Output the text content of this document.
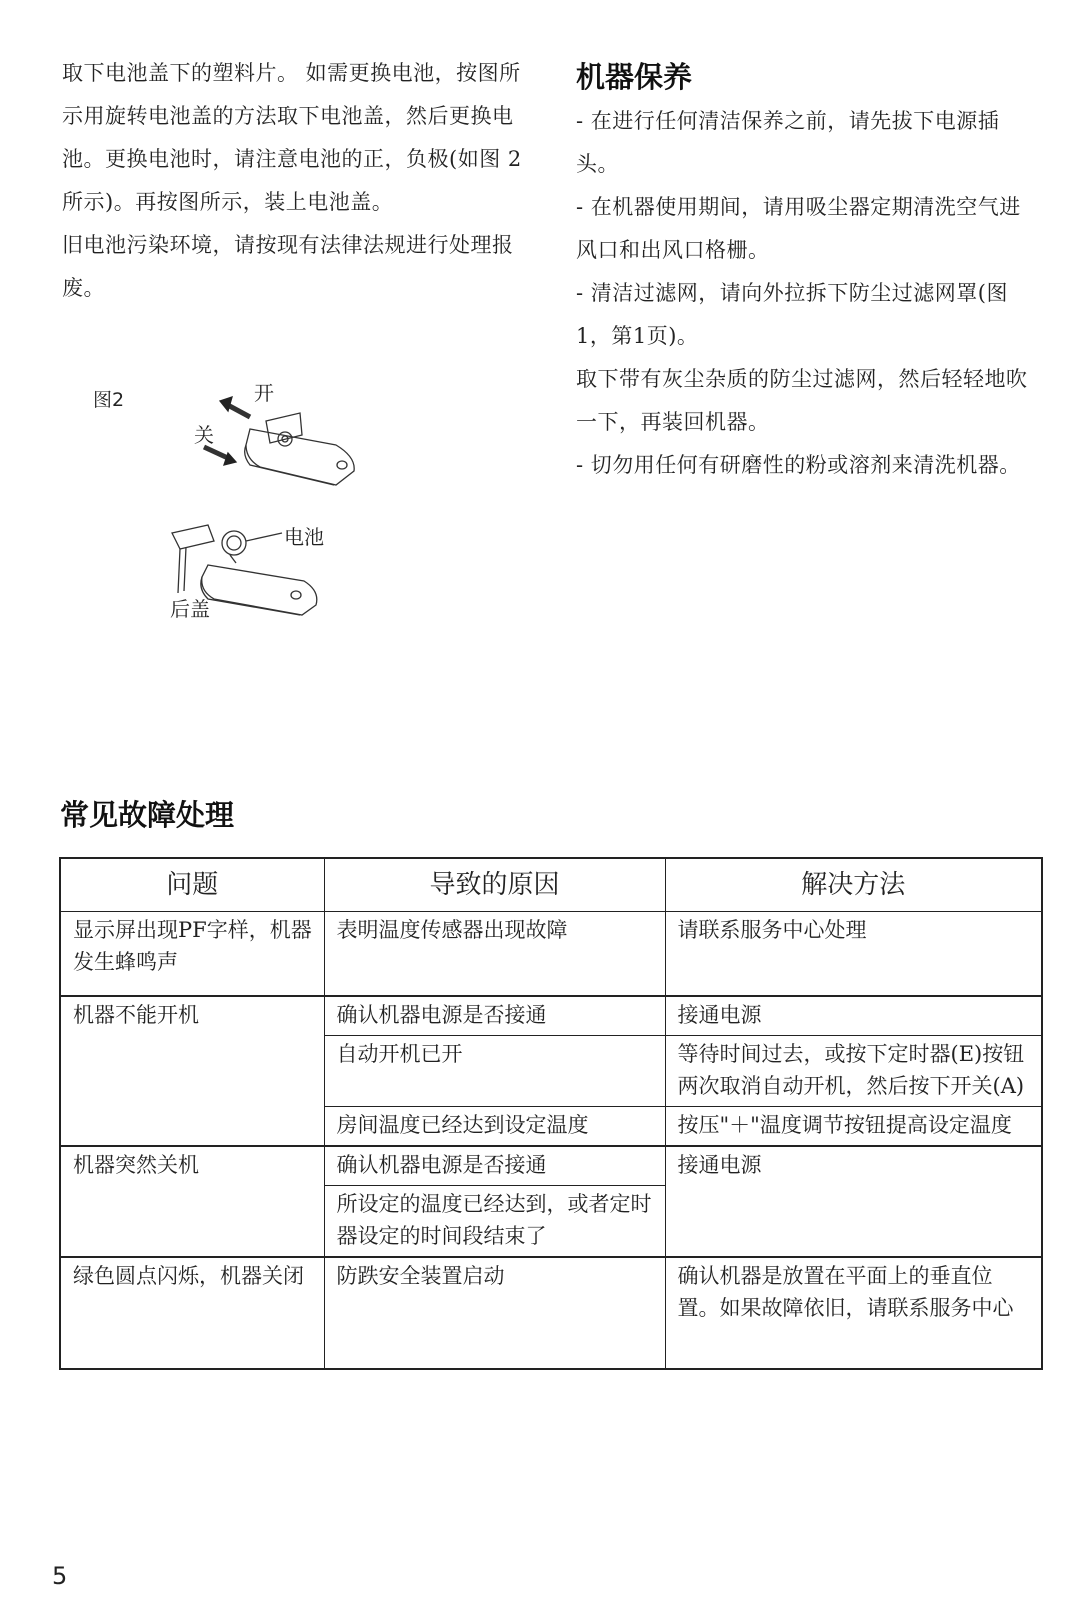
取下电池盖下的塑料片。 如需更换电池，按图所示用旋转电池盖的方法取下电池盖，然后更换电池。更换电池时，请注意电池的正，负极(如图 2 所示)。再按图所示，装上电池盖。

旧电池污染环境，请按现有法律法规进行处理报废。

图2	开
关
电池
后盖
机器保养

- 在进行任何清洁保养之前，请先拔下电源插头。

- 在机器使用期间，请用吸尘器定期清洗空气进风口和出风口格栅。

- 清洁过滤网，请向外拉拆下防尘过滤网罩(图1，第1页)。

取下带有灰尘杂质的防尘过滤网，然后轻轻地吹一下，再装回机器。

- 切勿用任何有研磨性的粉或溶剂来清洗机器。

常见故障处理
问题	导致的原因	解决方法
显示屏出现PF字样，机器发生蜂鸣声	表明温度传感器出现故障	请联系服务中心处理
机器不能开机	确认机器电源是否接通	接通电源
	自动开机已开	等待时间过去，或按下定时器(E)按钮两次取消自动开机，然后按下开关(A)
	房间温度已经达到设定温度	按压"＋"温度调节按钮提高设定温度
机器突然关机	确认机器电源是否接通	接通电源
	所设定的温度已经达到，或者定时器设定的时间段结束了	
绿色圆点闪烁，机器关闭	防跌安全装置启动	确认机器是放置在平面上的垂直位置。如果故障依旧，请联系服务中心
5
